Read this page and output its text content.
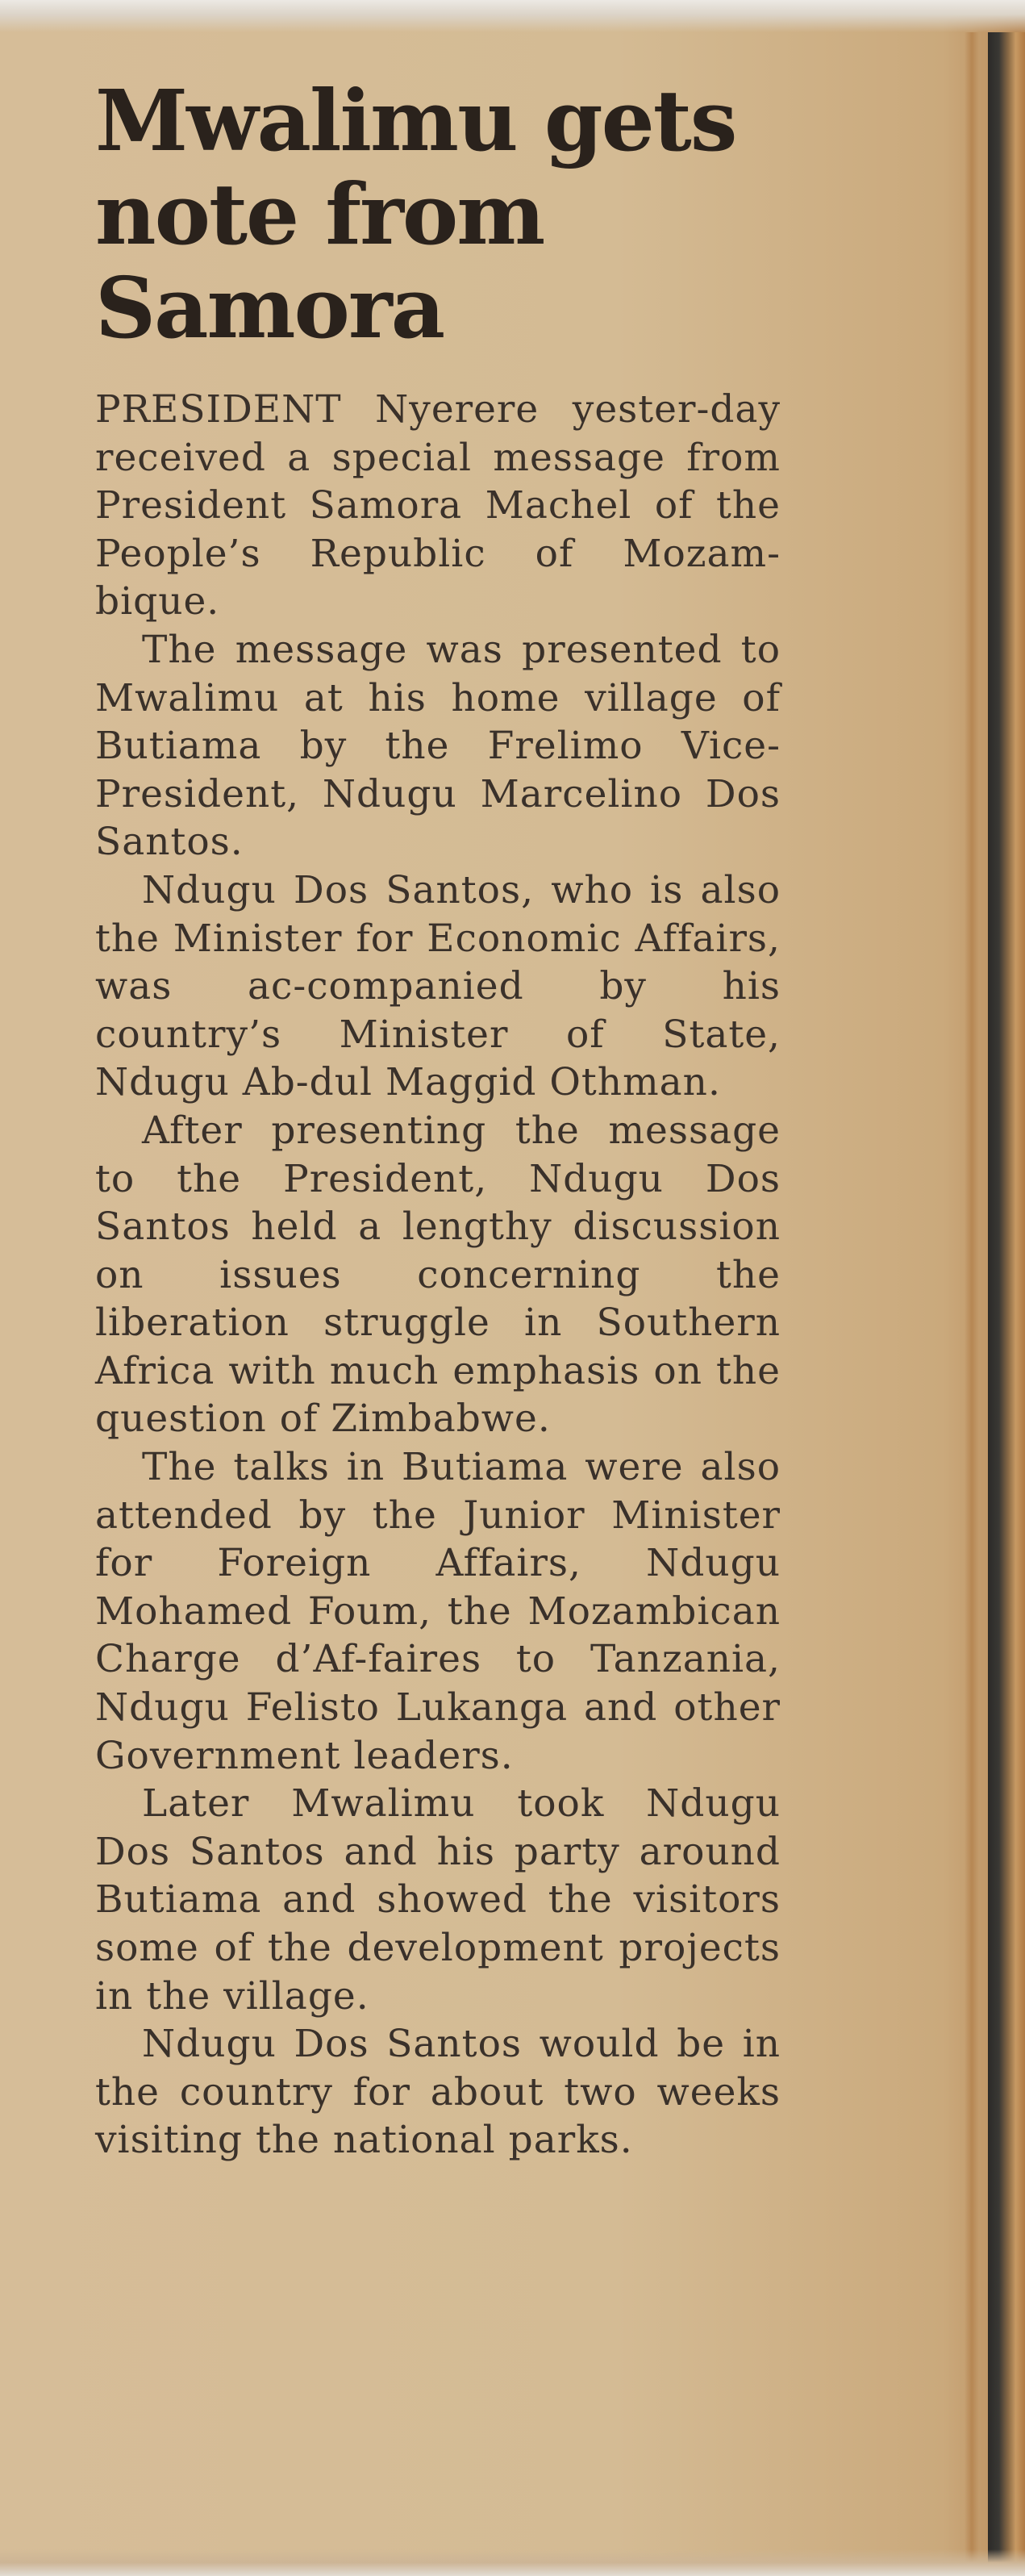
Mwalimu gets
note from
Samora

PRESIDENT Nyerere yester-day received a special message from President Samora Machel of the People’s Republic of Mozam-bique.

The message was presented to Mwalimu at his home village of Butiama by the Frelimo Vice-President, Ndugu Marcelino Dos Santos.

Ndugu Dos Santos, who is also the Minister for Economic Affairs, was ac-companied by his country’s Minister of State, Ndugu Ab-dul Maggid Othman.

After presenting the message to the President, Ndugu Dos Santos held a lengthy discussion on issues concerning the liberation struggle in Southern Africa with much emphasis on the question of Zimbabwe.

The talks in Butiama were also attended by the Junior Minister for Foreign Affairs, Ndugu Mohamed Foum, the Mozambican Charge d’Af-faires to Tanzania, Ndugu Felisto Lukanga and other Government leaders.

Later Mwalimu took Ndugu Dos Santos and his party around Butiama and showed the visitors some of the development projects in the village.

Ndugu Dos Santos would be in the country for about two weeks visiting the national parks.
